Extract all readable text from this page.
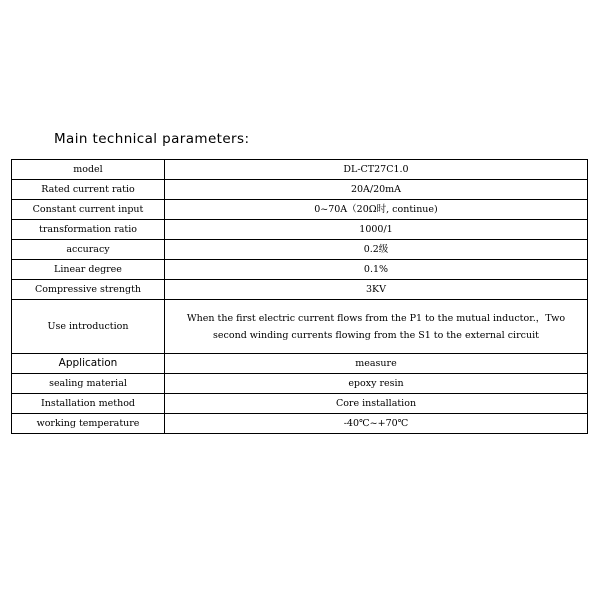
Main technical parameters:
model	DL-CT27C1.0
Rated current ratio	20A/20mA
Constant current input	0~70A（20Ω时, continue)
transformation ratio	1000/1
accuracy	0.2级
Linear degree	0.1%
Compressive strength	3KV
Use introduction	When the first electric current flows from the P1 to the mutual inductor.，Two second winding currents flowing from the S1 to the external circuit
Application	measure
sealing material	epoxy resin
Installation method	Core installation
working temperature	-40℃~+70℃
